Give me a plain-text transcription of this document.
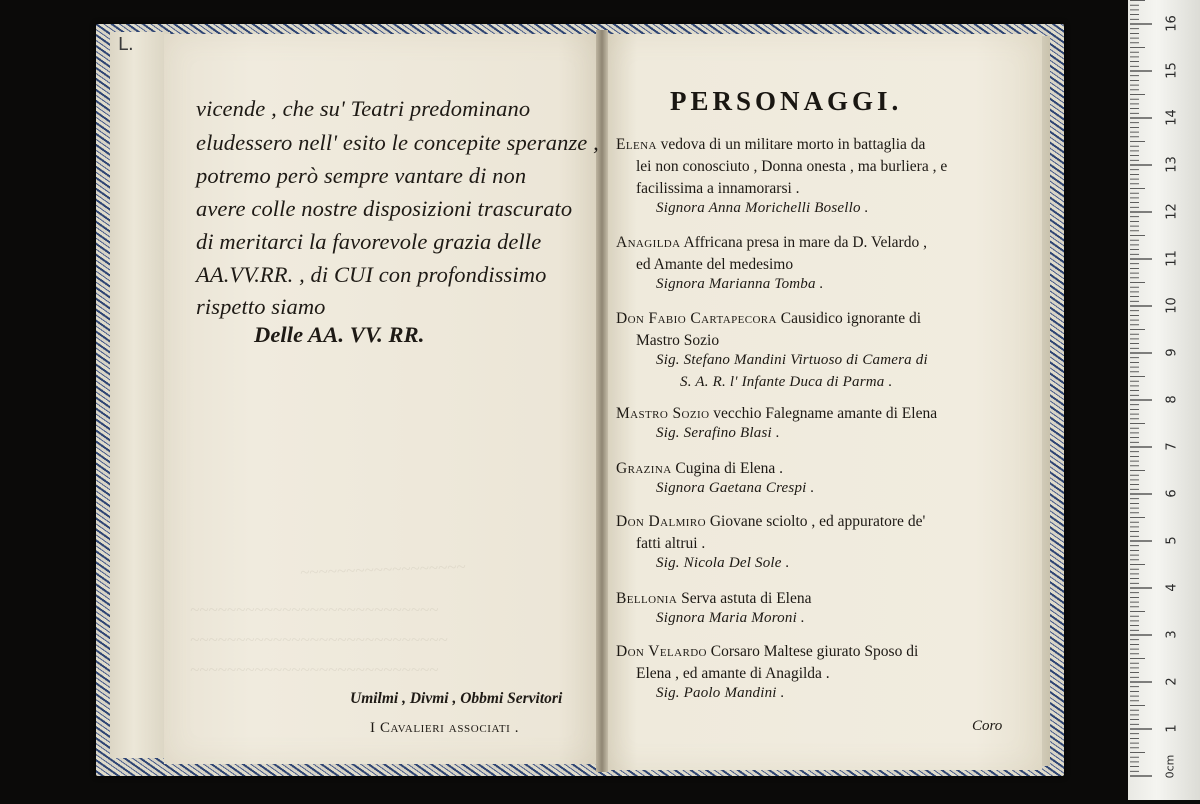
L.
~~~~~~~~~~~~~~~~~~
~~~~~~~~~~~~~~~~~~~~~~~~~~~
~~~~~~~~~~~~~~~~~~~~~~~~~~~~
~~~~~~~~~~~~~~~~~~~~~~~~~~~
vicende , che su' Teatri predominano
eludessero nell' esito le concepite speranze ,
potremo però sempre vantare di non
avere colle nostre disposizioni trascurato
di meritarci la favorevole grazia delle
AA.VV.RR. , di CUI con profondissimo
rispetto siamo
Delle AA. VV. RR.
Umilmi , Divmi , Obbmi Servitori
I Cavalieri associati .
PERSONAGGI.
Elena vedova di un militare morto in battaglia da
lei non conosciuto , Donna onesta , ma burliera , e
facilissima a innamorarsi .
Signora Anna Morichelli Bosello .
Anagilda Affricana presa in mare da D. Velardo ,
ed Amante del medesimo
Signora Marianna Tomba .
Don Fabio Cartapecora Causidico ignorante di
Mastro Sozio
Sig. Stefano Mandini Virtuoso di Camera di
S. A. R. l' Infante Duca di Parma .
Mastro Sozio vecchio Falegname amante di Elena
Sig. Serafino Blasi .
Grazina Cugina di Elena .
Signora Gaetana Crespi .
Don Dalmiro Giovane sciolto , ed appuratore de'
fatti altrui .
Sig. Nicola Del Sole .
Bellonia Serva astuta di Elena
Signora Maria Moroni .
Don Velardo Corsaro Maltese giurato Sposo di
Elena , ed amante di Anagilda .
Sig. Paolo Mandini .
Coro	1
2
3
4
5
6
7
8
9
10
11
12
13
14
15
16
0cm
